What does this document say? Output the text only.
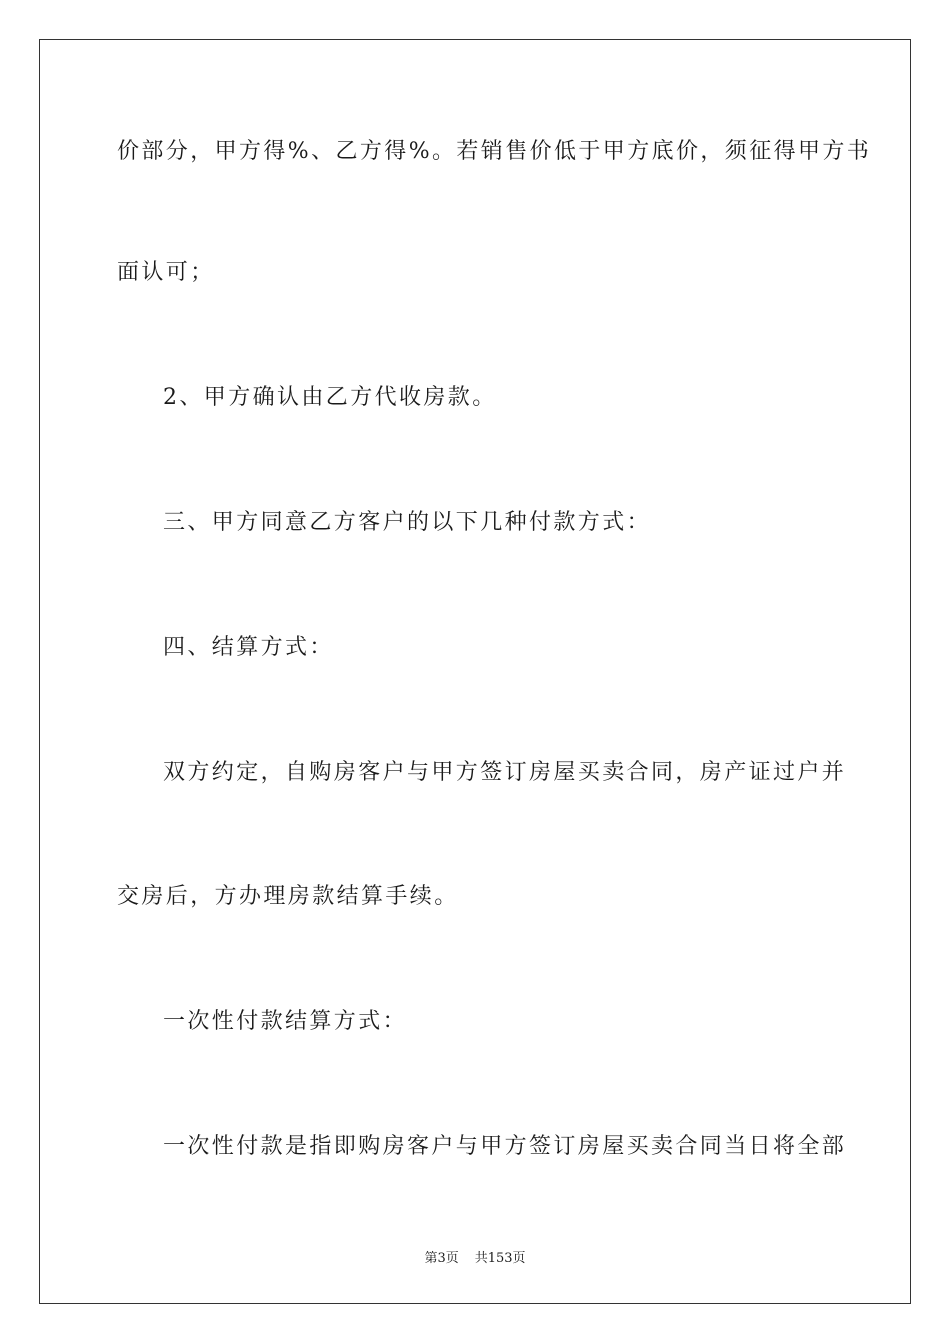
价部分，甲方得%、乙方得%。若销售价低于甲方底价，须征得甲方书
面认可；
2、甲方确认由乙方代收房款。
三、甲方同意乙方客户的以下几种付款方式：
四、结算方式：
双方约定，自购房客户与甲方签订房屋买卖合同，房产证过户并
交房后，方办理房款结算手续。
一次性付款结算方式：
一次性付款是指即购房客户与甲方签订房屋买卖合同当日将全部
第3页 共153页
